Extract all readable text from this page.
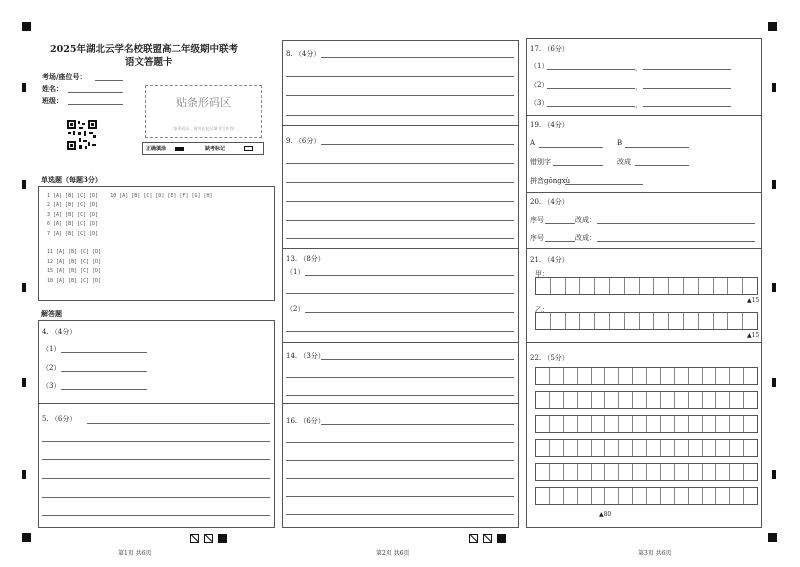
2025年湖北云学名校联盟高二年级期中联考
语文答题卡
考场/座位号：
姓名：
班级：	贴条形码区
（条形码区，请勿在此区域书写作答）
正确填涂	缺考标记
单选题（每题3分）
1 [A] [B] [C] [D]    10 [A] [B] [C] [D] [E] [F] [G] [H]
2 [A] [B] [C] [D]
3 [A] [B] [C] [D]
6 [A] [B] [C] [D]
7 [A] [B] [C] [D]

11 [A] [B] [C] [D]
12 [A] [B] [C] [D]
15 [A] [B] [C] [D]
18 [A] [B] [C] [D]
解答题
4. （4分）
（1）
（2）
（3）
5. （6分）
第1页 共6页
8. （4分）
9. （6分）
13. （8分）
（1）
（2）
14. （3分）
16. （6分）
第2页 共6页
17. （6分）
（1）	，
（2）	，
（3）	，
19. （4分）
A	B
错别字	改成
拼音gōngxù
20. （4分）
序号	改成：
序号	改成：
21. （4分）
甲：
▲15
乙：
▲15
22. （5分）
▲80
第3页 共6页
